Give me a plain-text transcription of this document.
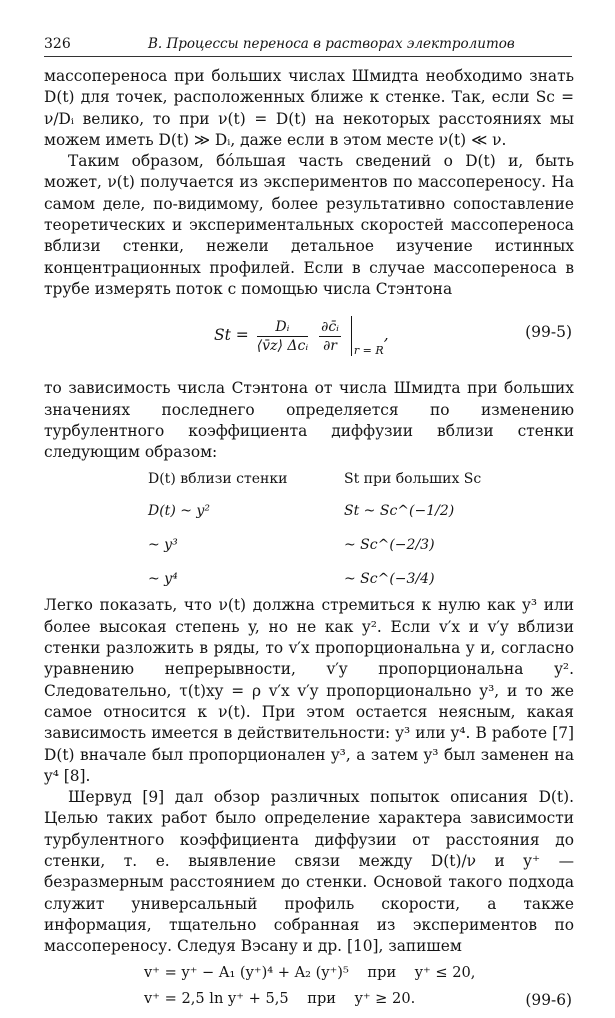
326	В. Процессы переноса в растворах электролитов

массопереноса при больших числах Шмидта необходимо знать D(t) для точек, расположенных ближе к стенке. Так, если Sc = ν/Dᵢ велико, то при ν(t) = D(t) на некоторых расстояниях мы можем иметь D(t) ≫ Dᵢ, даже если в этом месте ν(t) ≪ ν.

Таким образом, бóльшая часть сведений о D(t) и, быть может, ν(t) получается из экспериментов по массопереносу. На самом деле, по-видимому, более результативно сопоставление теоретических и экспериментальных скоростей массопереноса вблизи стенки, нежели детальное изучение истинных концентрационных профилей. Если в случае массопереноса в трубе измерять поток с помощью числа Стэнтона

$St = \frac{\text{Dᵢ}}{\text{⟨v̄z⟩ Δcᵢ}}$
$\frac{\text{∂c̄ᵢ}}{\partial r} _{r = R}$,	(99-5)

то зависимость числа Стэнтона от числа Шмидта при больших значениях последнего определяется по изменению турбулентного коэффициента диффузии вблизи стенки следующим образом:

D(t) вблизи стенки	St при больших Sc
D(t) ~ y²	St ~ Sc^(−1/2)
~ y³	~ Sc^(−2/3)
~ y⁴	~ Sc^(−3/4)

Легко показать, что ν(t) должна стремиться к нулю как y³ или более высокая степень y, но не как y². Если v′x и v′y вблизи стенки разложить в ряды, то v′x пропорциональна y и, согласно уравнению непрерывности, v′y пропорциональна y². Следовательно, τ(t)xy = ρ v′x v′y пропорционально y³, и то же самое относится к ν(t). При этом остается неясным, какая зависимость имеется в действительности: y³ или y⁴. В работе [7] D(t) вначале был пропорционален y³, а затем y³ был заменен на y⁴ [8].

Шервуд [9] дал обзор различных попыток описания D(t). Целью таких работ было определение характера зависимости турбулентного коэффициента диффузии от расстояния до стенки, т. е. выявление связи между D(t)/ν и y⁺ — безразмерным расстоянием до стенки. Основой такого подхода служит универсальный профиль скорости, а также информация, тщательно собранная из экспериментов по массопереносу. Следуя Вэсану и др. [10], запишем

v⁺ = y⁺ − A₁ (y⁺)⁴ + A₂ (y⁺)⁵    при    y⁺ ≤ 20,
v⁺ = 2,5 ln y⁺ + 5,5    при    y⁺ ≥ 20.	(99-6)
